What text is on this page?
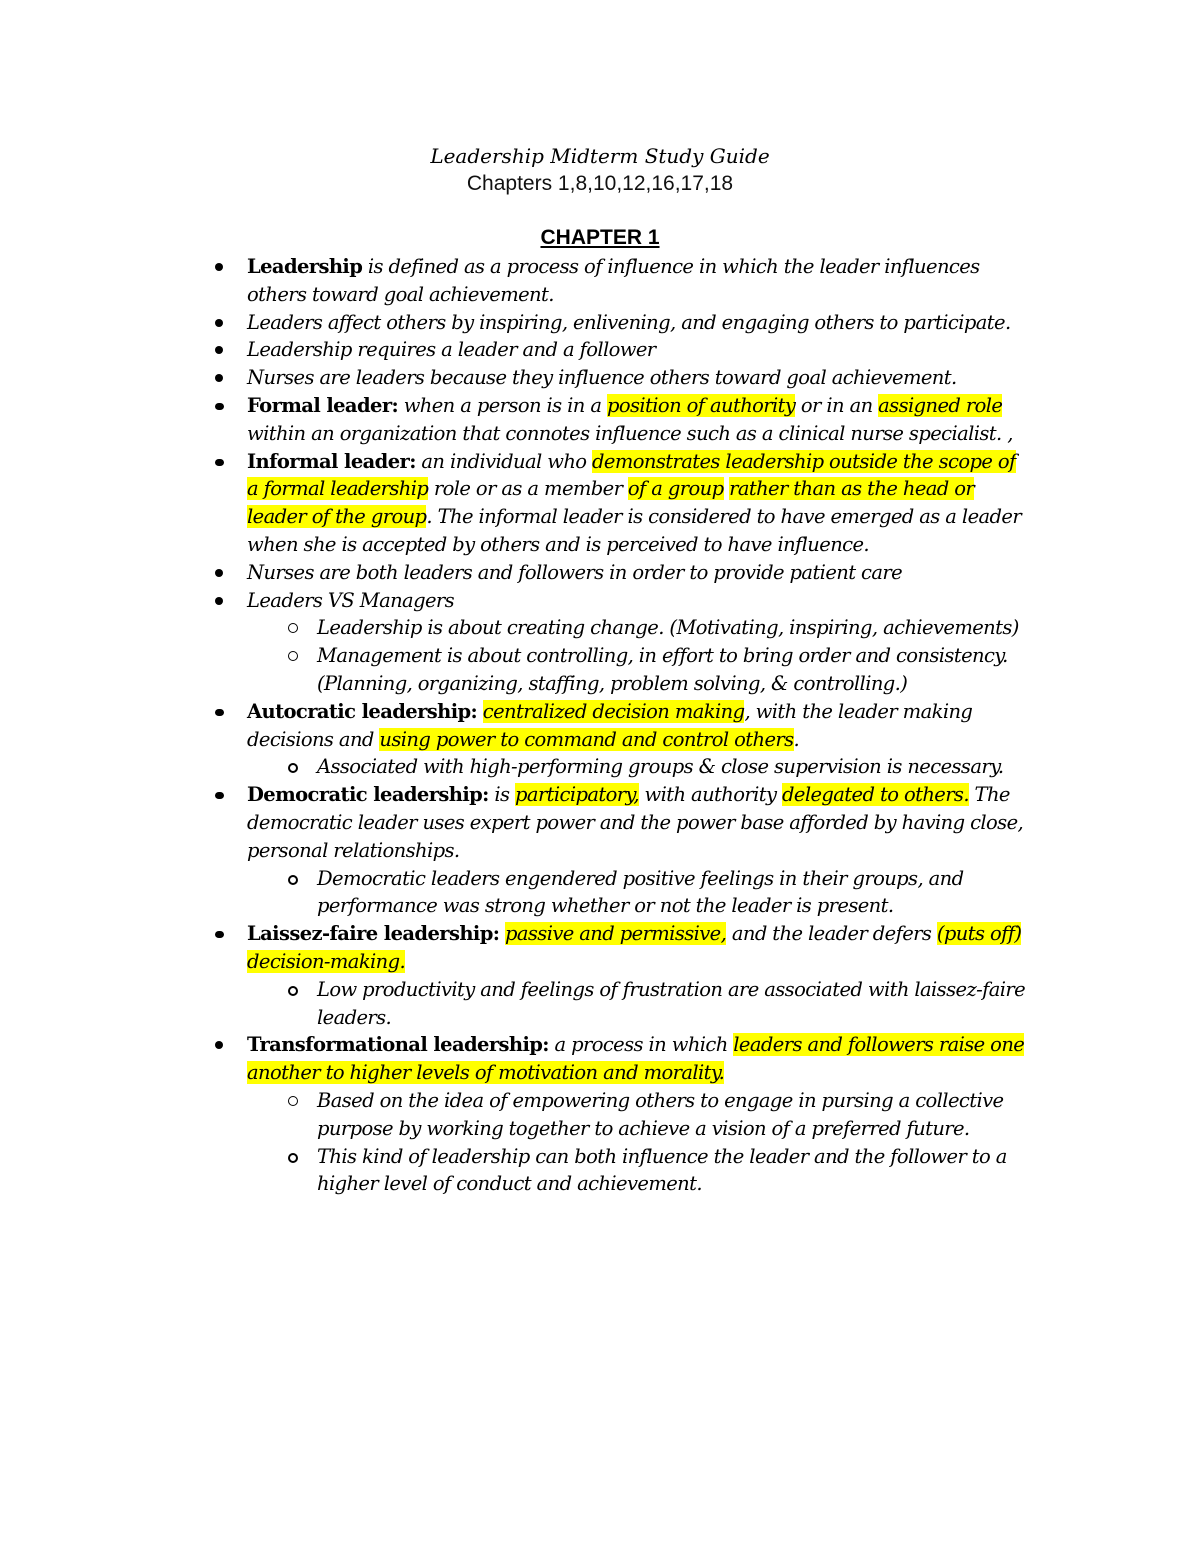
Leadership Midterm Study Guide
Chapters 1,8,10,12,16,17,18
CHAPTER 1
Leadership is defined as a process of influence in which the leader influences others toward goal achievement.
Leaders affect others by inspiring, enlivening, and engaging others to participate.
Leadership requires a leader and a follower
Nurses are leaders because they influence others toward goal achievement.
Formal leader: when a person is in a position of authority or in an assigned role within an organization that connotes influence such as a clinical nurse specialist. ,
Informal leader: an individual who demonstrates leadership outside the scope of a formal leadership role or as a member of a group rather than as the head or leader of the group. The informal leader is considered to have emerged as a leader when she is accepted by others and is perceived to have influence.
Nurses are both leaders and followers in order to provide patient care
Leaders VS Managers
Leadership is about creating change. (Motivating, inspiring, achievements)
Management is about controlling, in effort to bring order and consistency. (Planning, organizing, staffing, problem solving, & controlling.)
Autocratic leadership: centralized decision making, with the leader making decisions and using power to command and control others.
Associated with high-performing groups & close supervision is necessary.
Democratic leadership: is participatory, with authority delegated to others. The democratic leader uses expert power and the power base afforded by having close, personal relationships.
Democratic leaders engendered positive feelings in their groups, and performance was strong whether or not the leader is present.
Laissez-faire leadership: passive and permissive, and the leader defers (puts off) decision-making.
Low productivity and feelings of frustration are associated with laissez-faire leaders.
Transformational leadership: a process in which leaders and followers raise one another to higher levels of motivation and morality.
Based on the idea of empowering others to engage in pursing a collective purpose by working together to achieve a vision of a preferred future.
This kind of leadership can both influence the leader and the follower to a higher level of conduct and achievement.
